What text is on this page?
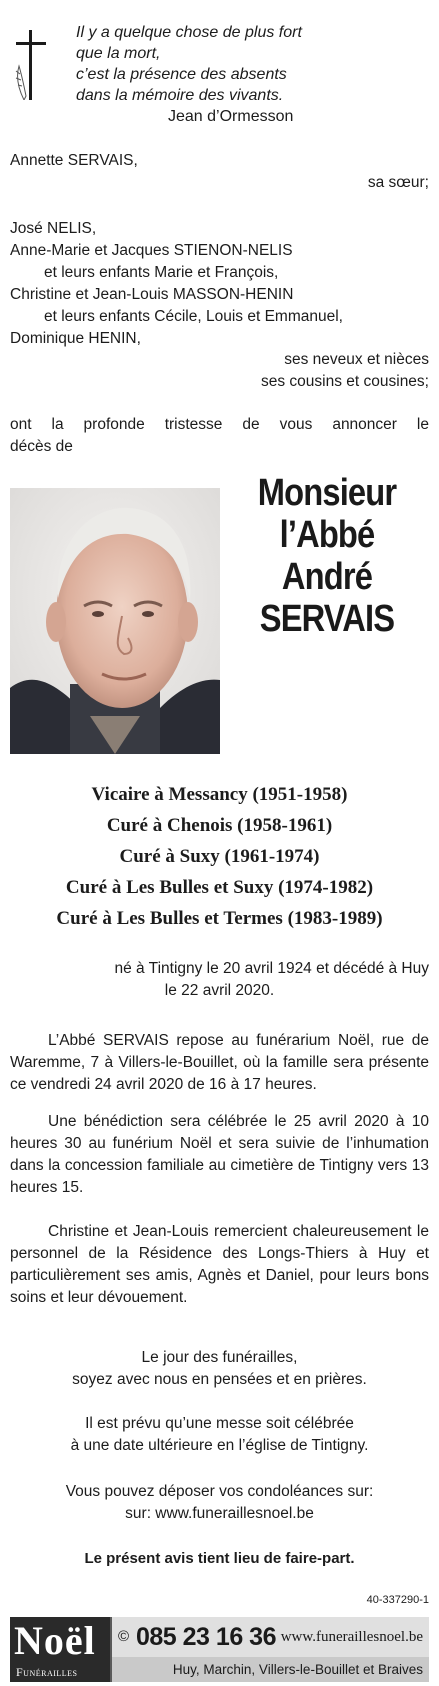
Il y a quelque chose de plus fort
que la mort,
c’est la présence des absents
dans la mémoire des vivants.
Jean d’Ormesson
Annette SERVAIS,
sa sœur;
José NELIS,
Anne-Marie et Jacques STIENON-NELIS
et leurs enfants Marie et François,
Christine et Jean-Louis MASSON-HENIN
et leurs enfants Cécile, Louis et Emmanuel,
Dominique HENIN,
ses neveux et nièces
ses cousins et cousines;
ont la profonde tristesse de vous annoncer le
décès de
Monsieur
l’Abbé
André
SERVAIS
Vicaire à Messancy (1951-1958)
Curé à Chenois (1958-1961)
Curé à Suxy (1961-1974)
Curé à Les Bulles et Suxy (1974-1982)
Curé à Les Bulles et Termes (1983-1989)
né à Tintigny le 20 avril 1924 et décédé à Huy
le 22 avril 2020.
L’Abbé SERVAIS repose au funérarium Noël, rue de Waremme, 7 à Villers-le-Bouillet, où la famille sera présente ce vendredi 24 avril 2020 de 16 à 17 heures.
Une bénédiction sera célébrée le 25 avril 2020 à 10 heures 30 au funérium Noël et sera suivie de l’inhumation dans la concession familiale au cimetière de Tintigny vers 13 heures 15.
Christine et Jean-Louis remercient chaleureusement le personnel de la Résidence des Longs-Thiers à Huy et particulièrement ses amis, Agnès et Daniel, pour leurs bons soins et leur dévouement.
Le jour des funérailles,
soyez avec nous en pensées et en prières.
Il est prévu qu’une messe soit célébrée
à une date ultérieure en l’église de Tintigny.
Vous pouvez déposer vos condoléances sur:
sur: www.funeraillesnoel.be
Le présent avis tient lieu de faire-part.
40-337290-1
Noël
Funérailles
© 085 23 16 36 www.funeraillesnoel.be
Huy, Marchin, Villers-le-Bouillet et Braives
